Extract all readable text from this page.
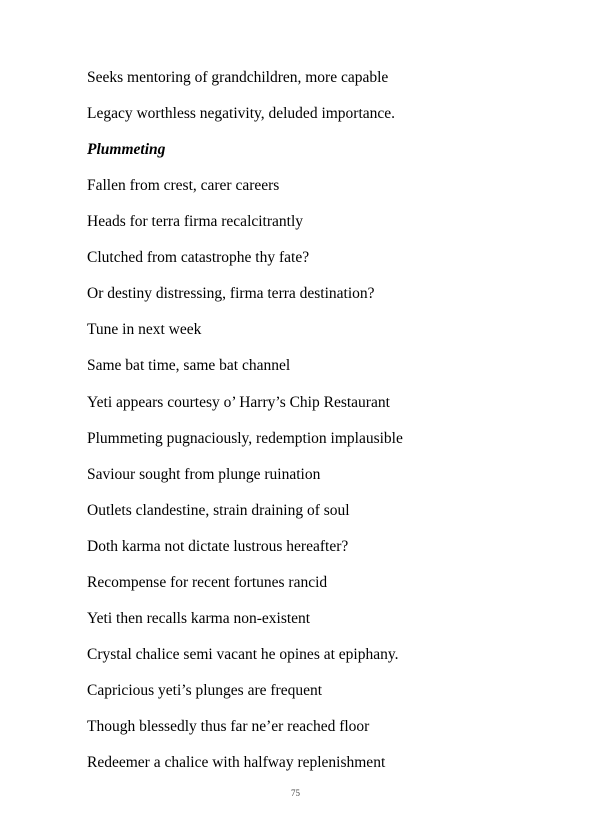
Seeks mentoring of grandchildren, more capable
Legacy worthless negativity, deluded importance.
Plummeting
Fallen from crest, carer careers
Heads for terra firma recalcitrantly
Clutched from catastrophe thy fate?
Or destiny distressing, firma terra destination?
Tune in next week
Same bat time, same bat channel
Yeti appears courtesy o’ Harry’s Chip Restaurant
Plummeting pugnaciously, redemption implausible
Saviour sought from plunge ruination
Outlets clandestine, strain draining of soul
Doth karma not dictate lustrous hereafter?
Recompense for recent fortunes rancid
Yeti then recalls karma non-existent
Crystal chalice semi vacant he opines at epiphany.
Capricious yeti’s plunges are frequent
Though blessedly thus far ne’er reached floor
Redeemer a chalice with halfway replenishment
75
